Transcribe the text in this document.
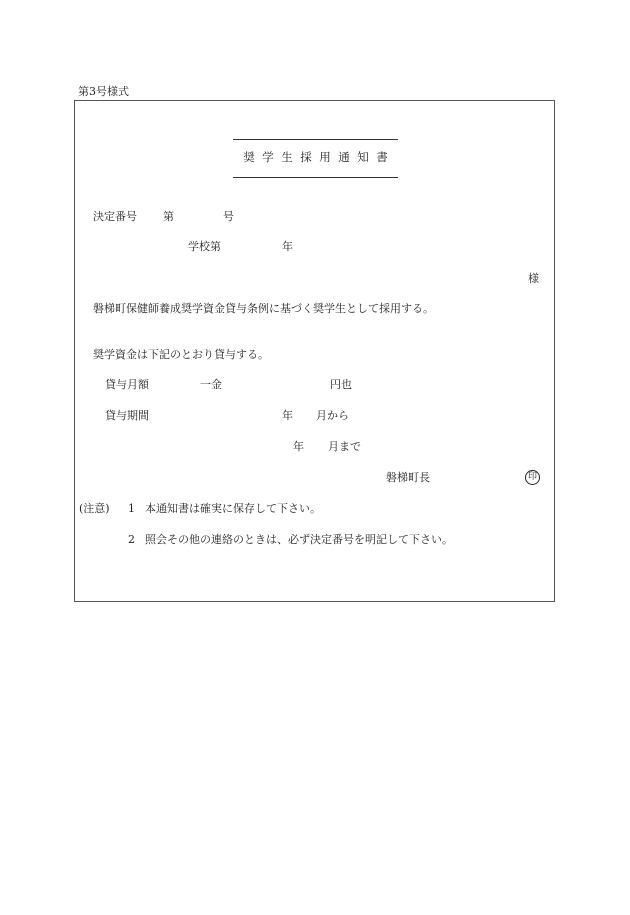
第3号様式
奨学生採用通知書
決定番号 第	号
学校第	年
様
磐梯町保健師養成奨学資金貸与条例に基づく奨学生として採用する。
奨学資金は下記のとおり貸与する。
貸与月額	一金	円也
貸与期間	年 月から
年 月まで
磐梯町長	印
(注意) 1 本通知書は確実に保存して下さい。
2 照会その他の連絡のときは、必ず決定番号を明記して下さい。
